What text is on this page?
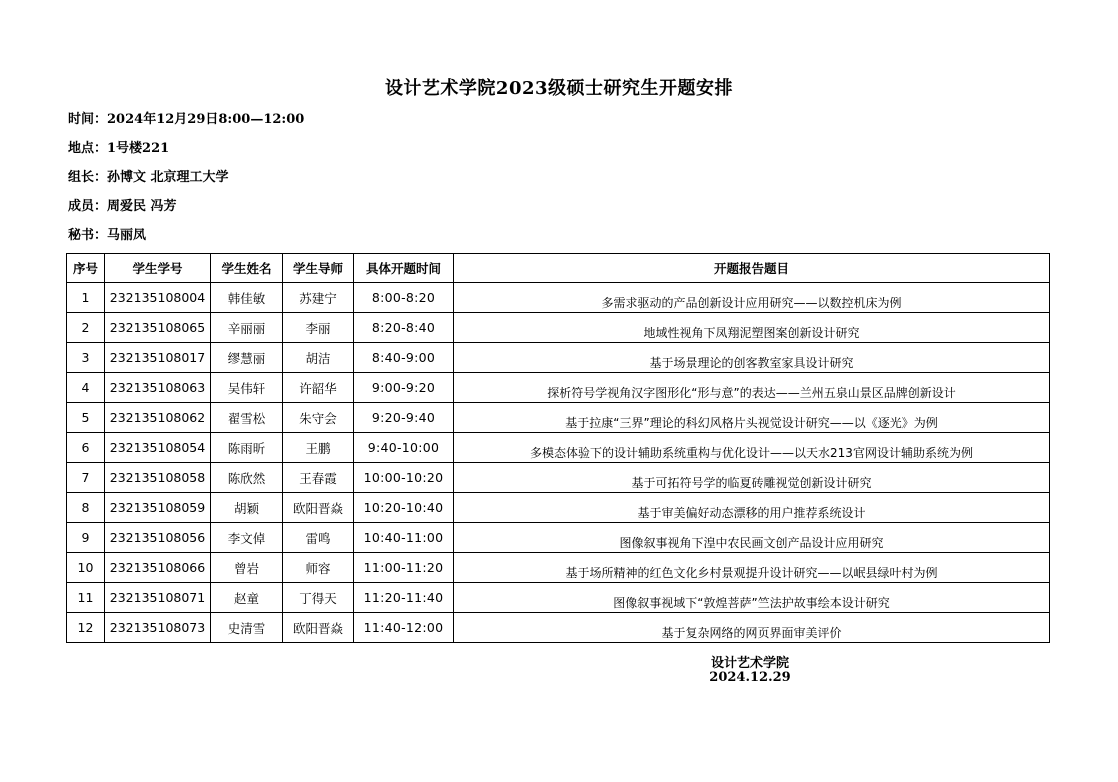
设计艺术学院2023级硕士研究生开题安排
时间：2024年12月29日8:00—12:00
地点：1号楼221
组长：孙博文 北京理工大学
成员：周爱民 冯芳
秘书：马丽凤
序号	学生学号	学生姓名	学生导师	具体开题时间	开题报告题目
1	232135108004	韩佳敏	苏建宁	8:00-8:20	多需求驱动的产品创新设计应用研究——以数控机床为例
2	232135108065	辛丽丽	李丽	8:20-8:40	地域性视角下凤翔泥塑图案创新设计研究
3	232135108017	缪慧丽	胡洁	8:40-9:00	基于场景理论的创客教室家具设计研究
4	232135108063	吴伟轩	许韶华	9:00-9:20	探析符号学视角汉字图形化“形与意”的表达——兰州五泉山景区品牌创新设计
5	232135108062	翟雪松	朱守会	9:20-9:40	基于拉康“三界”理论的科幻风格片头视觉设计研究——以《逐光》为例
6	232135108054	陈雨昕	王鹏	9:40-10:00	多模态体验下的设计辅助系统重构与优化设计——以天水213官网设计辅助系统为例
7	232135108058	陈欣然	王春霞	10:00-10:20	基于可拓符号学的临夏砖雕视觉创新设计研究
8	232135108059	胡颖	欧阳晋焱	10:20-10:40	基于审美偏好动态漂移的用户推荐系统设计
9	232135108056	李文倬	雷鸣	10:40-11:00	图像叙事视角下湟中农民画文创产品设计应用研究
10	232135108066	曾岩	师容	11:00-11:20	基于场所精神的红色文化乡村景观提升设计研究——以岷县绿叶村为例
11	232135108071	赵童	丁得天	11:20-11:40	图像叙事视域下“敦煌菩萨”竺法护故事绘本设计研究
12	232135108073	史清雪	欧阳晋焱	11:40-12:00	基于复杂网络的网页界面审美评价
设计艺术学院
2024.12.29
